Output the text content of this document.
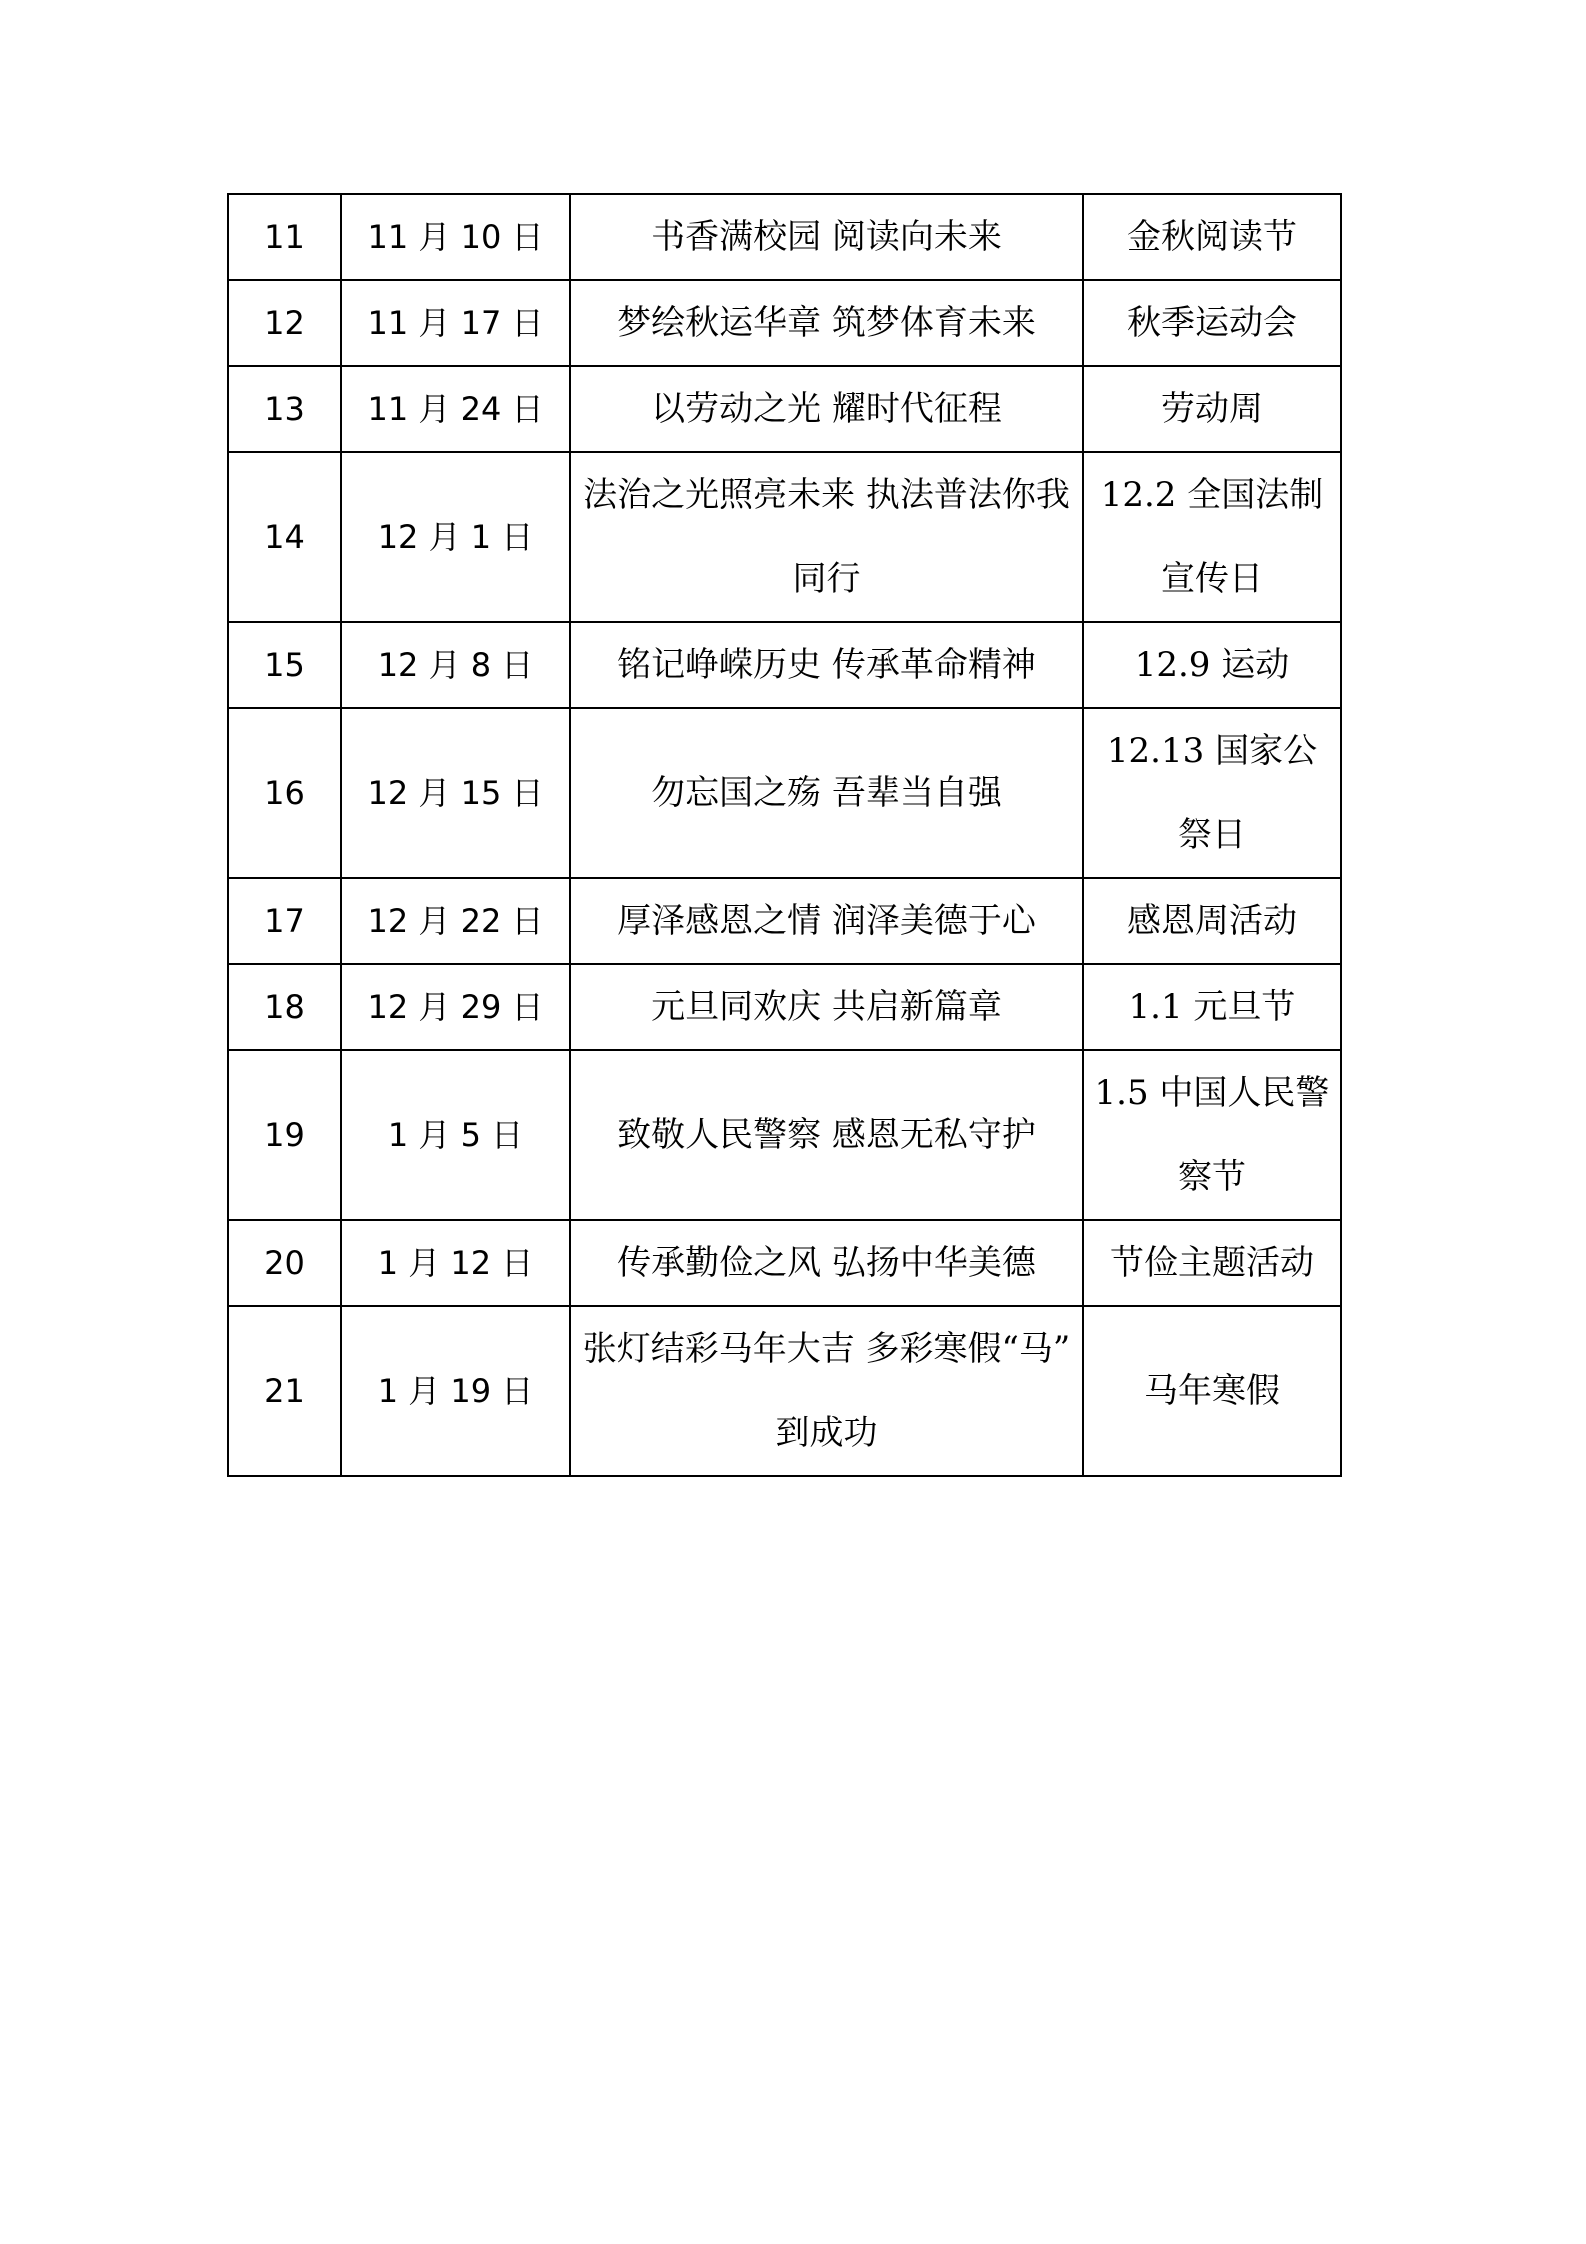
11	11 月 10 日	书香满校园 阅读向未来	金秋阅读节
12	11 月 17 日	梦绘秋运华章 筑梦体育未来	秋季运动会
13	11 月 24 日	以劳动之光 耀时代征程	劳动周
14	12 月 1 日	法治之光照亮未来 执法普法你我同行	12.2 全国法制宣传日
15	12 月 8 日	铭记峥嵘历史 传承革命精神	12.9 运动
16	12 月 15 日	勿忘国之殇 吾辈当自强	12.13 国家公祭日
17	12 月 22 日	厚泽感恩之情 润泽美德于心	感恩周活动
18	12 月 29 日	元旦同欢庆 共启新篇章	1.1 元旦节
19	1 月 5 日	致敬人民警察 感恩无私守护	1.5 中国人民警察节
20	1 月 12 日	传承勤俭之风 弘扬中华美德	节俭主题活动
21	1 月 19 日	张灯结彩马年大吉 多彩寒假“马” 到成功	马年寒假
